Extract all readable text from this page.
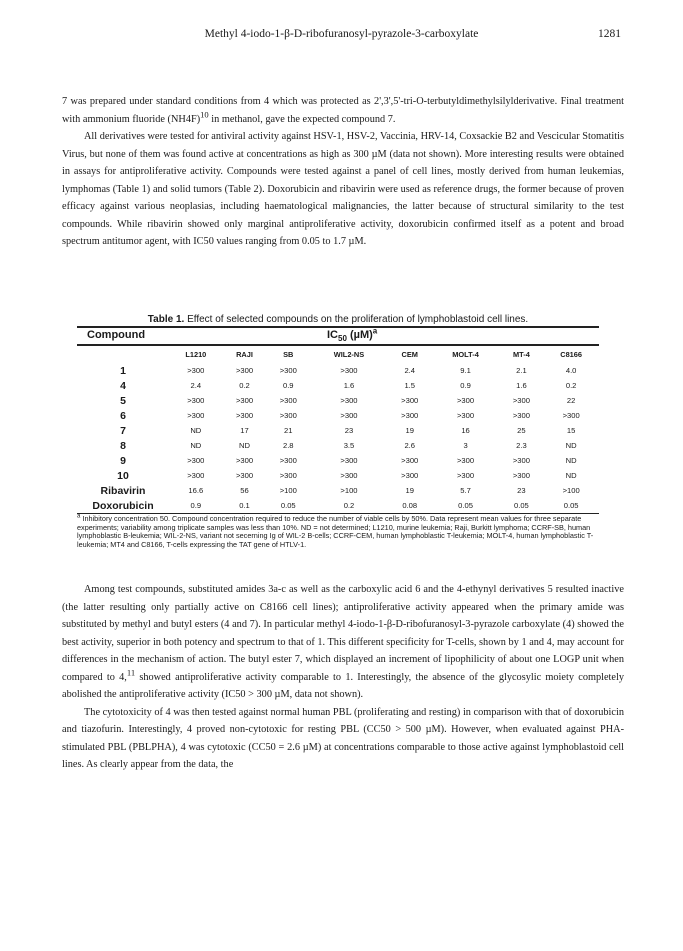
Methyl 4-iodo-1-β-D-ribofuranosyl-pyrazole-3-carboxylate	1281

7 was prepared under standard conditions from 4 which was protected as 2',3',5'-tri-O-terbutyldimethylsilylderivative. Final treatment with ammonium fluoride $(NH4F)^{10}$ in methanol, gave the expected compound 7.

All derivatives were tested for antiviral activity against HSV-1, HSV-2, Vaccinia, HRV-14, Coxsackie B2 and Vescicular Stomatitis Virus, but none of them was found active at concentrations as high as 300 µM (data not shown). More interesting results were obtained in assays for antiproliferative activity. Compounds were tested against a panel of cell lines, mostly derived from human leukemias, lymphomas (Table 1) and solid tumors (Table 2). Doxorubicin and ribavirin were used as reference drugs, the former because of proven efficacy against various neoplasias, including haematological malignancies, the latter because of structural similarity to the test compounds. While ribavirin showed only marginal antiproliferative activity, doxorubicin confirmed itself as a potent and broad spectrum antitumor agent, with IC50 values ranging from 0.05 to 1.7 µM.

Table 1. Effect of selected compounds on the proliferation of lymphoblastoid cell lines.
Compound	$IC_{50}$ $(\mu M)^a$
	L1210	RAJI	SB	WIL2-NS	CEM	MOLT-4	MT-4	C8166
1	>300	>300	>300	>300	2.4	9.1	2.1	4.0
4	2.4	0.2	0.9	1.6	1.5	0.9	1.6	0.2
5	>300	>300	>300	>300	>300	>300	>300	22
6	>300	>300	>300	>300	>300	>300	>300	>300
7	ND	17	21	23	19	16	25	15
8	ND	ND	2.8	3.5	2.6	3	2.3	ND
9	>300	>300	>300	>300	>300	>300	>300	ND
10	>300	>300	>300	>300	>300	>300	>300	ND
Ribavirin	16.6	56	>100	>100	19	5.7	23	>100
Doxorubicin	0.9	0.1	0.05	0.2	0.08	0.05	0.05	0.05
$^a$ Inhibitory concentration 50. Compound concentration required to reduce the number of viable cells by 50%. Data represent mean values for three separate experiments; variability among triplicate samples was less than 10%. ND = not determined; L1210, murine leukemia; Raji, Burkitt lymphoma; CCRF-SB, human lymphoblastic B-leukemia; WIL-2-NS, variant not secerning Ig of WIL-2 B-cells; CCRF-CEM, human lymphoblastic T-leukemia; MOLT-4, human lymphoblastic T-leukemia; MT4 and C8166, T-cells expressing the TAT gene of HTLV-1.

Among test compounds, substituted amides 3a-c as well as the carboxylic acid 6 and the 4-ethynyl derivatives 5 resulted inactive (the latter resulting only partially active on C8166 cell lines); antiproliferative activity appeared when the primary amide was substituted by methyl and butyl esters (4 and 7). In particular methyl 4-iodo-1-β-D-ribofuranosyl-3-pyrazole carboxylate (4) showed the best activity, superior in both potency and spectrum to that of 1. This different specificity for T-cells, shown by 1 and 4, may account for differences in the mechanism of action. The butyl ester 7, which displayed an increment of lipophilicity of about one LOGP unit when compared to 4,11 showed antiproliferative activity comparable to 1. Interestingly, the absence of the glycosylic moiety completely abolished the antiproliferative activity (IC50 > 300 µM, data not shown).

The cytotoxicity of 4 was then tested against normal human PBL (proliferating and resting) in comparison with that of doxorubicin and tiazofurin. Interestingly, 4 proved non-cytotoxic for resting PBL (CC50 > 500 µM). However, when evaluated against PHA-stimulated PBL (PBLPHA), 4 was cytotoxic (CC50 = 2.6 µM) at concentrations comparable to those active against lymphoblastoid cell lines. As clearly appear from the data, the
